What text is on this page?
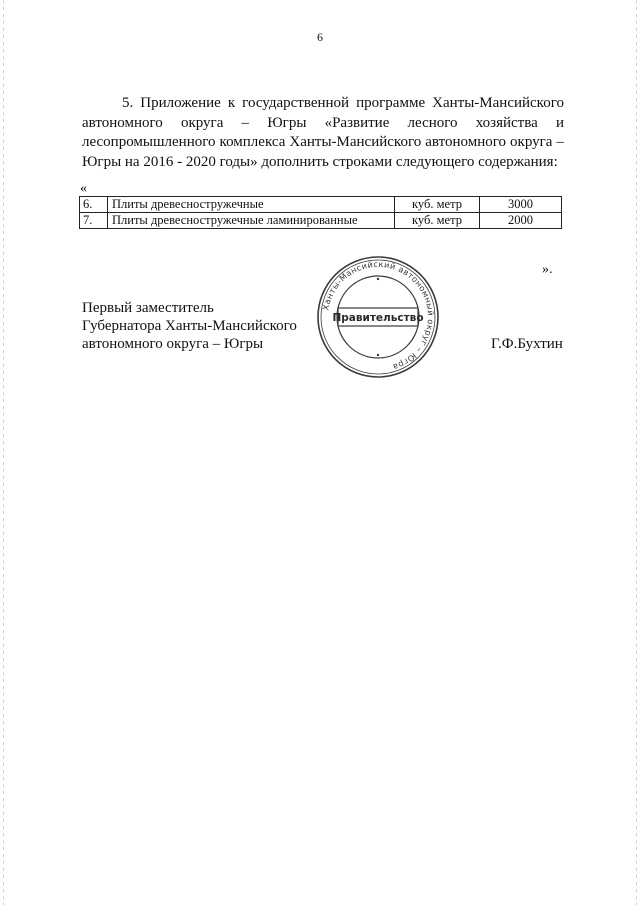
6

5. Приложение к государственной программе Ханты-Мансийского автономного округа – Югры «Развитие лесного хозяйства и лесопромышленного комплекса Ханты-Мансийского автономного округа – Югры на 2016 - 2020 годы» дополнить строками следующего содержания:

«
6.	Плиты древесностружечные	куб. метр	3000
7.	Плиты древесностружечные ламинированные	куб. метр	2000
».
Первый заместитель
Губернатора Ханты-Мансийского
автономного округа – Югры	Г.Ф.Бухтин
Ханты-Мансийский автономный округ – Югра
Правительство
